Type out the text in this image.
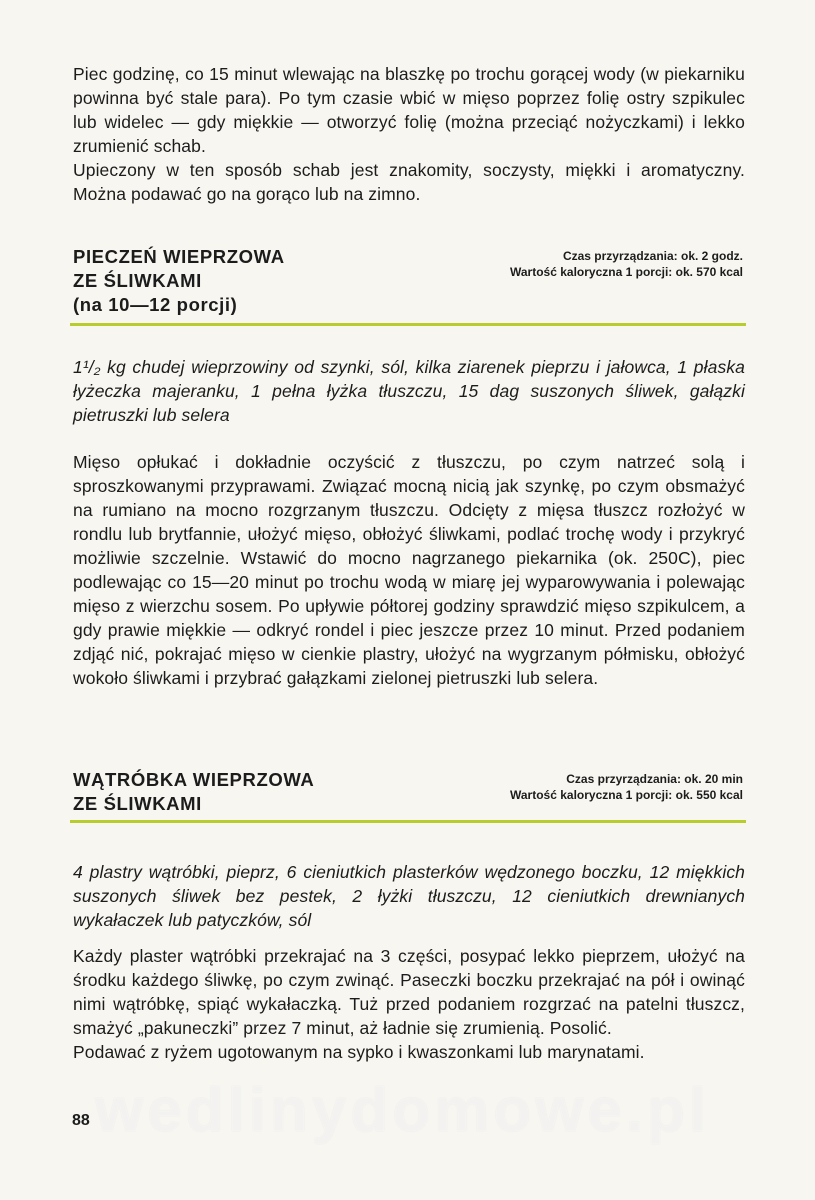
Piec godzinę, co 15 minut wlewając na blaszkę po trochu gorącej wody (w piekarniku powinna być stale para). Po tym czasie wbić w mięso poprzez folię ostry szpikulec lub widelec — gdy miękkie — otworzyć folię (można przeciąć nożyczkami) i lekko zrumienić schab.

Upieczony w ten sposób schab jest znakomity, soczysty, miękki i aromatyczny. Można podawać go na gorąco lub na zimno.

PIECZEŃ WIEPRZOWA
ZE ŚLIWKAMI
(na 10—12 porcji)
Czas przyrządzania: ok. 2 godz.
Wartość kaloryczna 1 porcji: ok. 570 kcal

1¹/₂ kg chudej wieprzowiny od szynki, sól, kilka ziarenek pieprzu i jałowca, 1 płaska łyżeczka majeranku, 1 pełna łyżka tłuszczu, 15 dag suszonych śliwek, gałązki pietruszki lub selera

Mięso opłukać i dokładnie oczyścić z tłuszczu, po czym natrzeć solą i sproszkowanymi przyprawami. Związać mocną nicią jak szynkę, po czym obsmażyć na rumiano na mocno rozgrzanym tłuszczu. Odcięty z mięsa tłuszcz rozłożyć w rondlu lub brytfannie, ułożyć mięso, obłożyć śliwkami, podlać trochę wody i przykryć możliwie szczelnie. Wstawić do mocno nagrzanego piekarnika (ok. 250C), piec podlewając co 15—20 minut po trochu wodą w miarę jej wyparowywania i polewając mięso z wierzchu sosem. Po upływie półtorej godziny sprawdzić mięso szpikulcem, a gdy prawie miękkie — odkryć rondel i piec jeszcze przez 10 minut. Przed podaniem zdjąć nić, pokrajać mięso w cienkie plastry, ułożyć na wygrzanym półmisku, obłożyć wokoło śliwkami i przybrać gałązkami zielonej pietruszki lub selera.

WĄTRÓBKA WIEPRZOWA
ZE ŚLIWKAMI
Czas przyrządzania: ok. 20 min
Wartość kaloryczna 1 porcji: ok. 550 kcal

4 plastry wątróbki, pieprz, 6 cieniutkich plasterków wędzonego boczku, 12 miękkich suszonych śliwek bez pestek, 2 łyżki tłuszczu, 12 cieniutkich drewnianych wykałaczek lub patyczków, sól

Każdy plaster wątróbki przekrajać na 3 części, posypać lekko pieprzem, ułożyć na środku każdego śliwkę, po czym zwinąć. Paseczki boczku przekrajać na pół i owinąć nimi wątróbkę, spiąć wykałaczką. Tuż przed podaniem rozgrzać na patelni tłuszcz, smażyć „pakuneczki” przez 7 minut, aż ładnie się zrumienią. Posolić.

Podawać z ryżem ugotowanym na sypko i kwaszonkami lub marynatami.

wedlinydomowe.pl
88
